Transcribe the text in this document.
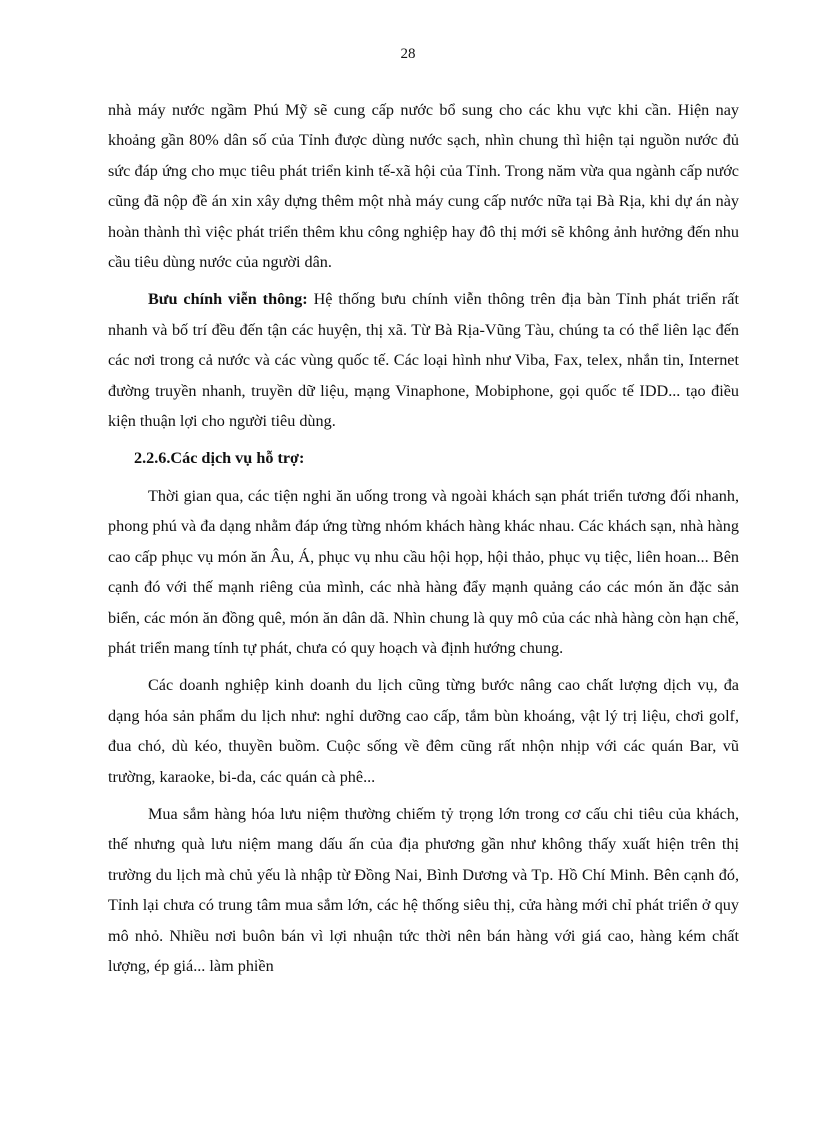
28

nhà máy nước ngầm Phú Mỹ sẽ cung cấp nước bổ sung cho các khu vực khi cần. Hiện nay khoảng gần 80% dân số của Tỉnh được dùng nước sạch, nhìn chung thì hiện tại nguồn nước đủ sức đáp ứng cho mục tiêu phát triển kinh tế-xã hội của Tỉnh. Trong năm vừa qua ngành cấp nước cũng đã nộp đề án xin xây dựng thêm một nhà máy cung cấp nước nữa tại Bà Rịa, khi dự án này hoàn thành thì việc phát triển thêm khu công nghiệp hay đô thị mới sẽ không ảnh hưởng đến nhu cầu tiêu dùng nước của người dân.

Bưu chính viễn thông: Hệ thống bưu chính viễn thông trên địa bàn Tỉnh phát triển rất nhanh và bố trí đều đến tận các huyện, thị xã. Từ Bà Rịa-Vũng Tàu, chúng ta có thể liên lạc đến các nơi trong cả nước và các vùng quốc tế. Các loại hình như Viba, Fax, telex, nhắn tin, Internet đường truyền nhanh, truyền dữ liệu, mạng Vinaphone, Mobiphone, gọi quốc tế IDD... tạo điều kiện thuận lợi cho người tiêu dùng.

2.2.6.Các dịch vụ hỗ trợ:

Thời gian qua, các tiện nghi ăn uống trong và ngoài khách sạn phát triển tương đối nhanh, phong phú và đa dạng nhằm đáp ứng từng nhóm khách hàng khác nhau. Các khách sạn, nhà hàng cao cấp phục vụ món ăn Âu, Á, phục vụ nhu cầu hội họp, hội thảo, phục vụ tiệc, liên hoan... Bên cạnh đó với thế mạnh riêng của mình, các nhà hàng đẩy mạnh quảng cáo các món ăn đặc sản biển, các món ăn đồng quê, món ăn dân dã. Nhìn chung là quy mô của các nhà hàng còn hạn chế, phát triển mang tính tự phát, chưa có quy hoạch và định hướng chung.

Các doanh nghiệp kinh doanh du lịch cũng từng bước nâng cao chất lượng dịch vụ, đa dạng hóa sản phẩm du lịch như: nghỉ dưỡng cao cấp, tắm bùn khoáng, vật lý trị liệu, chơi golf, đua chó, dù kéo, thuyền buồm. Cuộc sống về đêm cũng rất nhộn nhịp với các quán Bar, vũ trường, karaoke, bi-da, các quán cà phê...

Mua sắm hàng hóa lưu niệm thường chiếm tỷ trọng lớn trong cơ cấu chi tiêu của khách, thế nhưng quà lưu niệm mang dấu ấn của địa phương gần như không thấy xuất hiện trên thị trường du lịch mà chủ yếu là nhập từ Đồng Nai, Bình Dương và Tp. Hồ Chí Minh. Bên cạnh đó, Tỉnh lại chưa có trung tâm mua sắm lớn, các hệ thống siêu thị, cửa hàng mới chỉ phát triển ở quy mô nhỏ. Nhiều nơi buôn bán vì lợi nhuận tức thời nên bán hàng với giá cao, hàng kém chất lượng, ép giá... làm phiền
